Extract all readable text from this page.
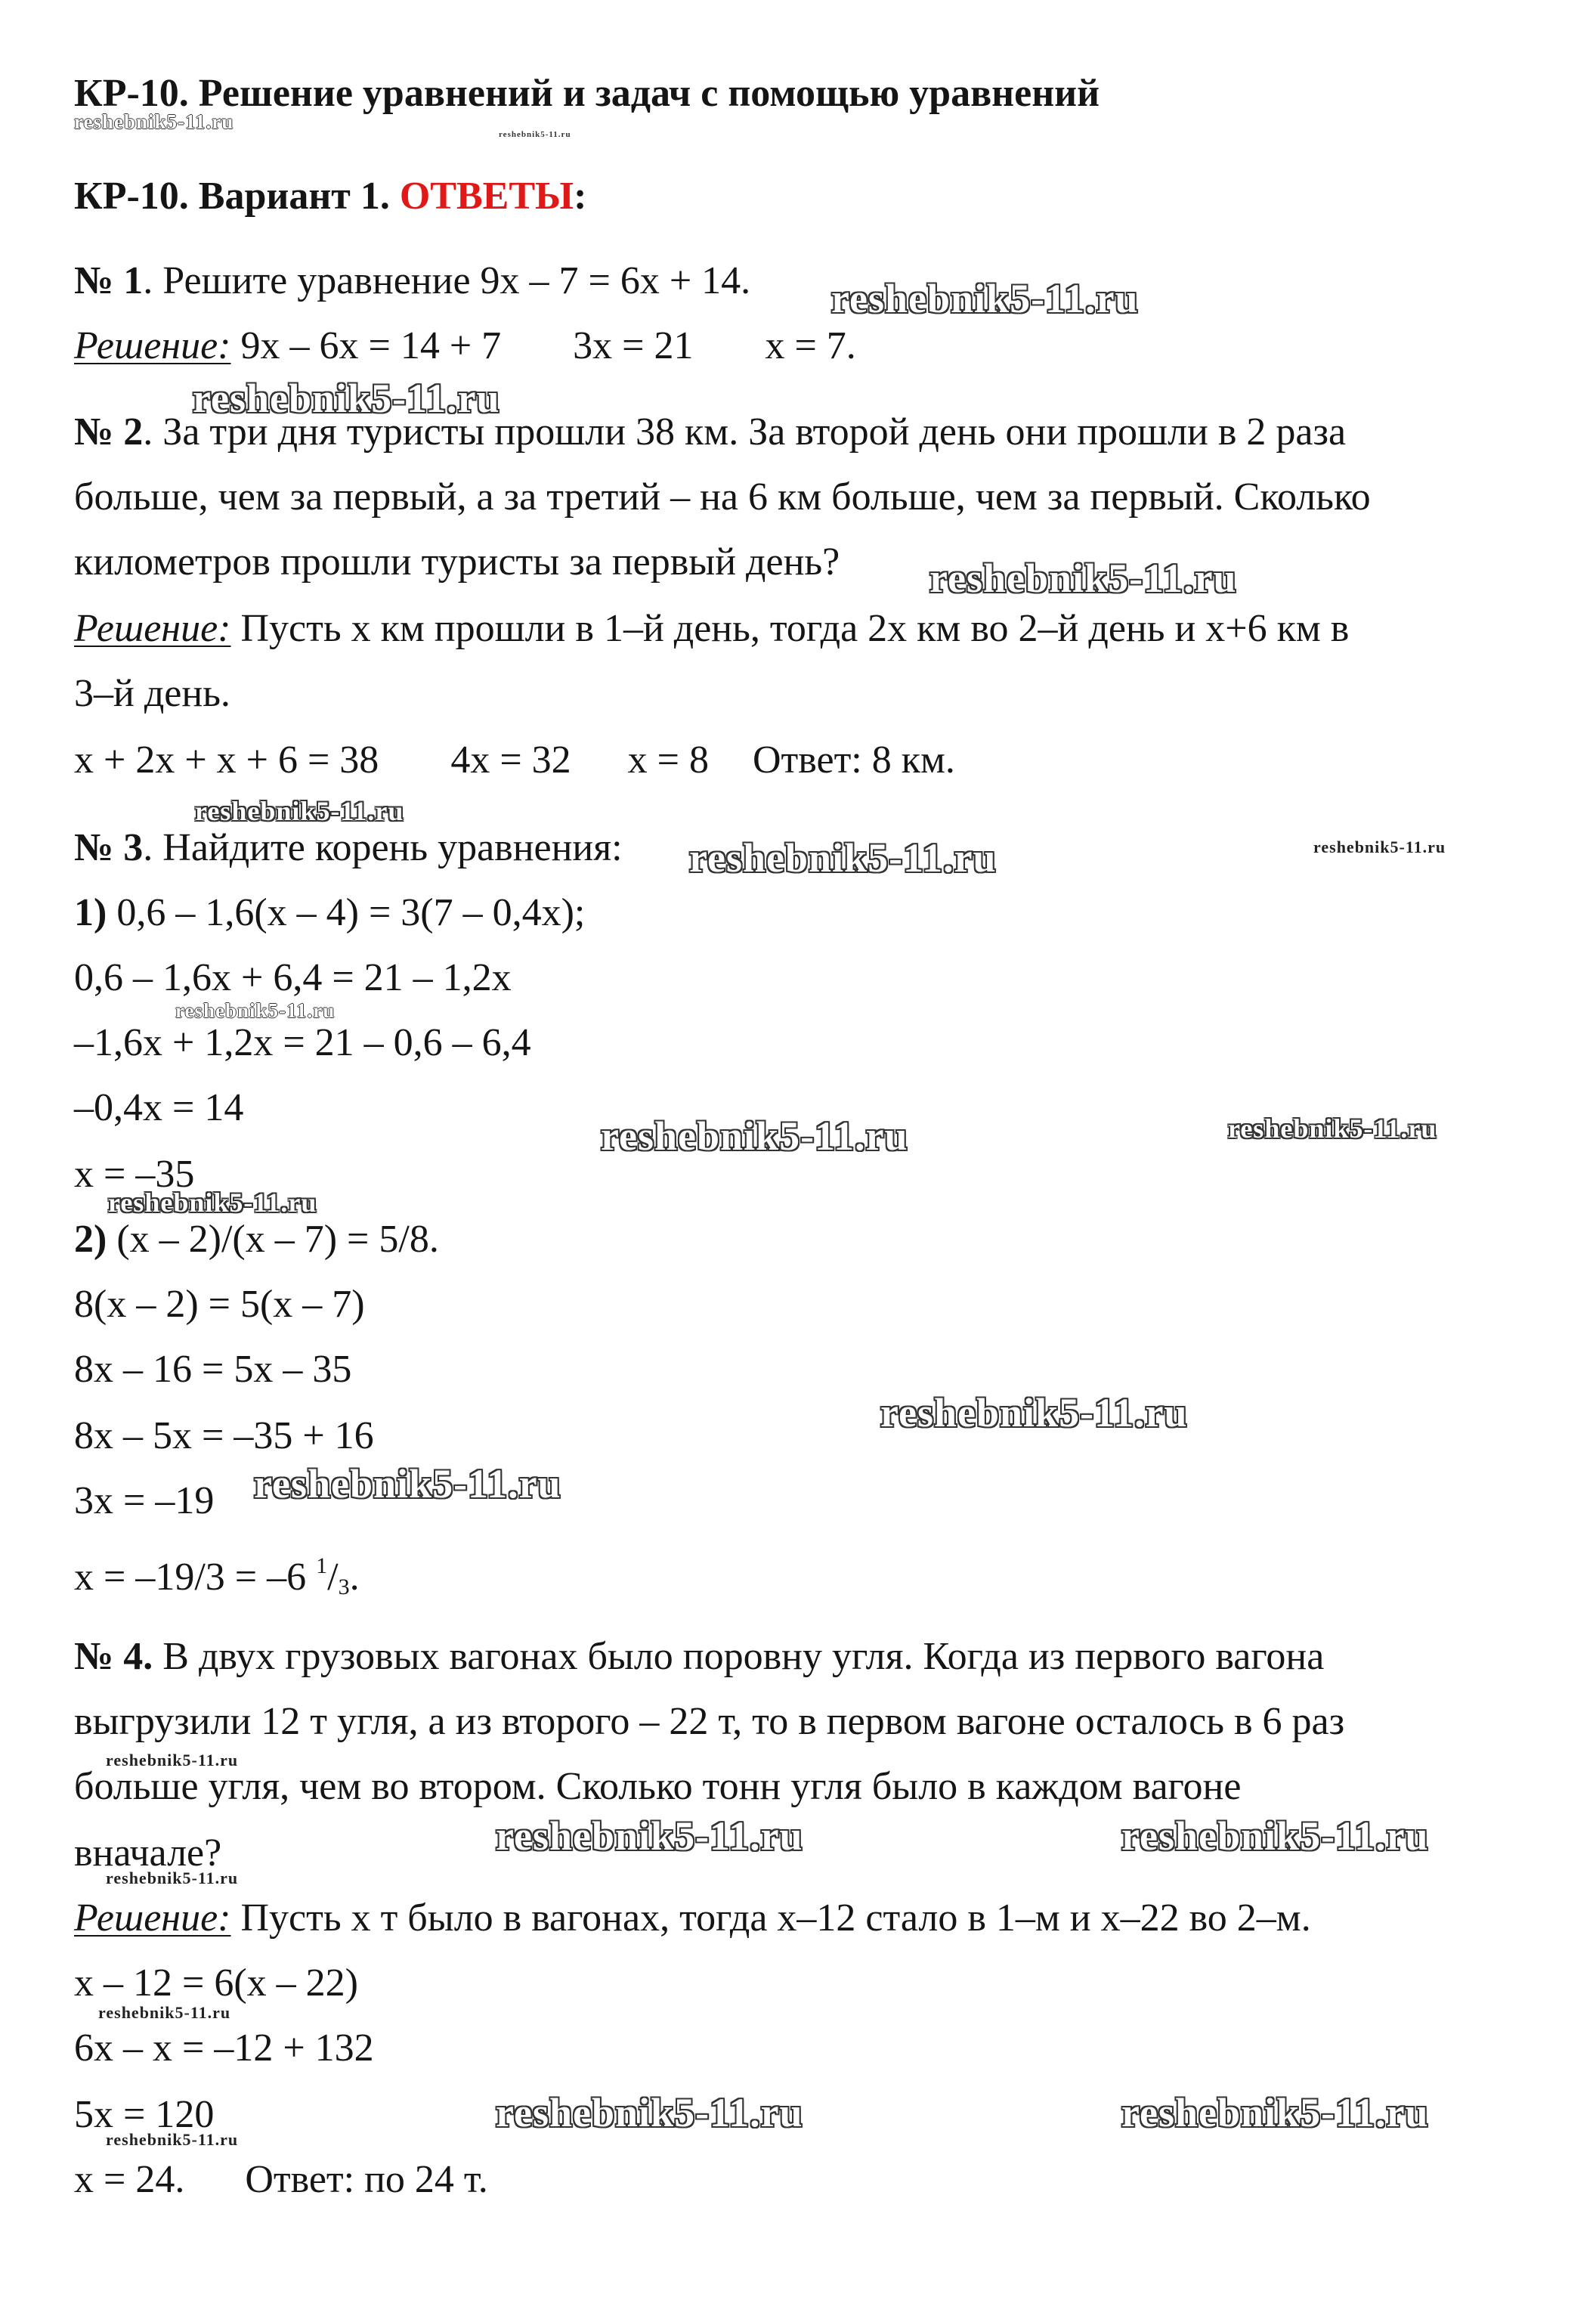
КР-10. Решение уравнений и задач с помощью уравнений
КР-10. Вариант 1. ОТВЕТЫ:
№ 1. Решите уравнение 9x – 7 = 6x + 14.
Решение: 9x – 6x = 14 + 7 3x = 21 x = 7.
№ 2. За три дня туристы прошли 38 км. За второй день они прошли в 2 раза
больше, чем за первый, а за третий – на 6 км больше, чем за первый. Сколько
километров прошли туристы за первый день?
Решение: Пусть x км прошли в 1–й день, тогда 2x км во 2–й день и x+6 км в
3–й день.
x + 2x + x + 6 = 38 4x = 32 x = 8 Ответ: 8 км.
№ 3. Найдите корень уравнения:
1) 0,6 – 1,6(x – 4) = 3(7 – 0,4x);
0,6 – 1,6x + 6,4 = 21 – 1,2x
–1,6x + 1,2x = 21 – 0,6 – 6,4
–0,4x = 14
x = –35
2) (x – 2)/(x – 7) = 5/8.
8(x – 2) = 5(x – 7)
8x – 16 = 5x – 35
8x – 5x = –35 + 16
3x = –19
x = –19/3 = –6 $^1/_3$.
№ 4. В двух грузовых вагонах было поровну угля. Когда из первого вагона
выгрузили 12 т угля, а из второго – 22 т, то в первом вагоне осталось в 6 раз
больше угля, чем во втором. Сколько тонн угля было в каждом вагоне
вначале?
Решение: Пусть x т было в вагонах, тогда x–12 стало в 1–м и x–22 во 2–м.
x – 12 = 6(x – 22)
6x – x = –12 + 132
5x = 120
x = 24. Ответ: по 24 т.
reshebnik5-11.ru
reshebnik5-11.ru
reshebnik5-11.ru
reshebnik5-11.ru
reshebnik5-11.ru
reshebnik5-11.ru
reshebnik5-11.ru	reshebnik5-11.ru
reshebnik5-11.ru
reshebnik5-11.ru	reshebnik5-11.ru
reshebnik5-11.ru
reshebnik5-11.ru
reshebnik5-11.ru
reshebnik5-11.ru
reshebnik5-11.ru	reshebnik5-11.ru
reshebnik5-11.ru
reshebnik5-11.ru
reshebnik5-11.ru	reshebnik5-11.ru
reshebnik5-11.ru
